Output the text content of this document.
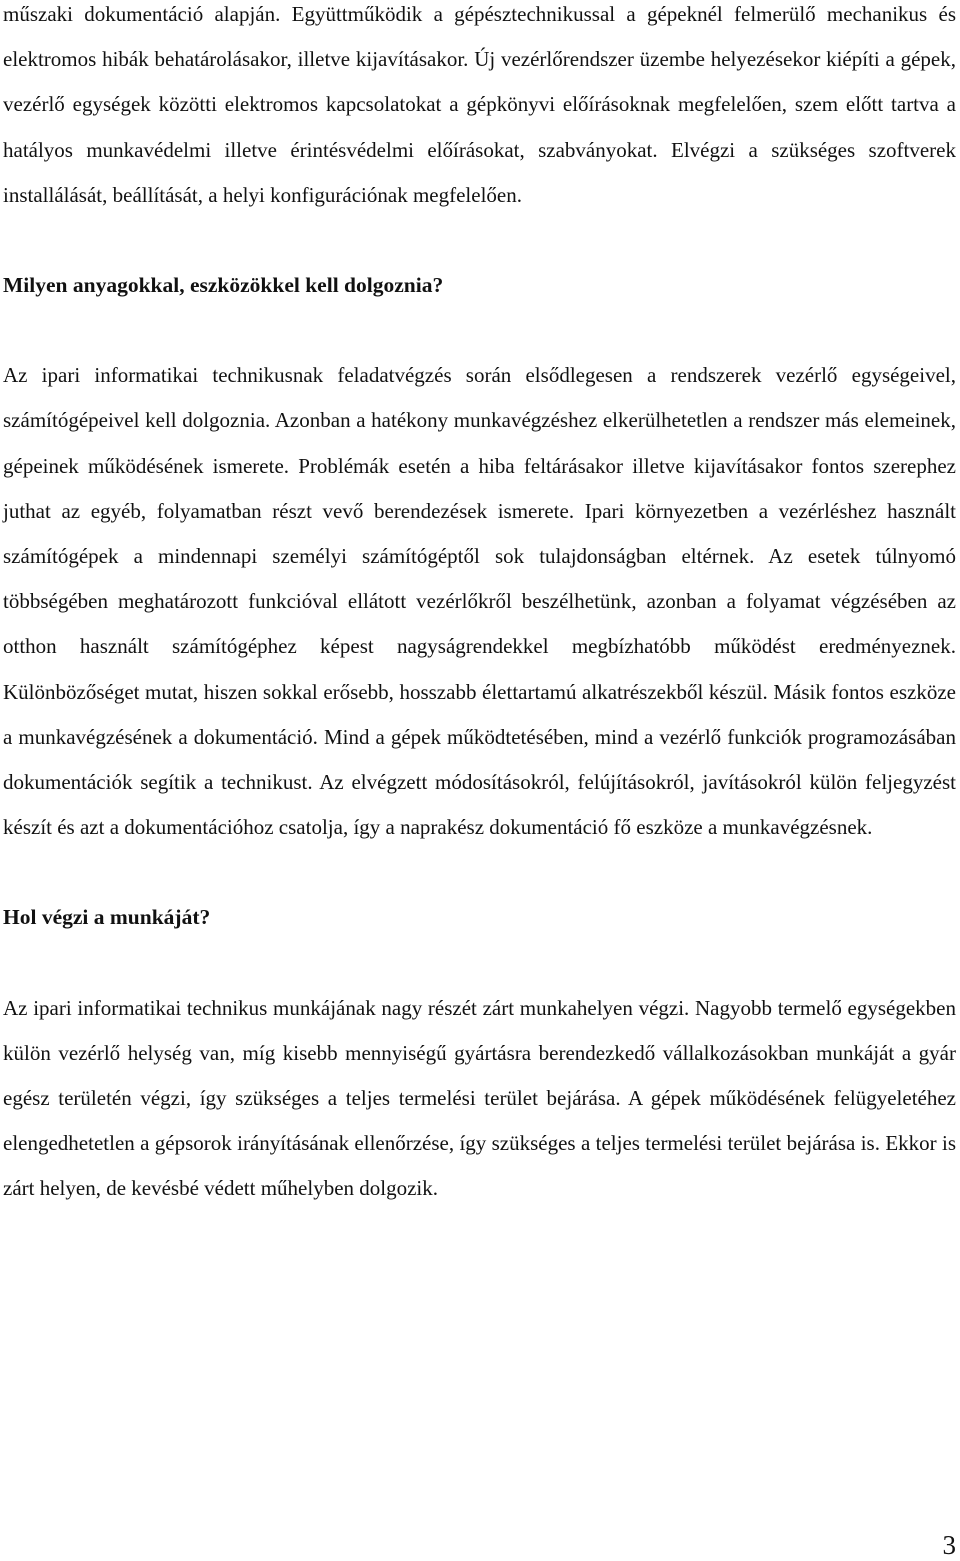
műszaki dokumentáció alapján. Együttműködik a gépésztechnikussal a gépeknél felmerülő mechanikus és elektromos hibák behatárolásakor, illetve kijavításakor. Új vezérlőrendszer üzembe helyezésekor kiépíti a gépek, vezérlő egységek közötti elektromos kapcsolatokat a gépkönyvi előírásoknak megfelelően, szem előtt tartva a hatályos munkavédelmi illetve érintésvédelmi előírásokat, szabványokat. Elvégzi a szükséges szoftverek installálását, beállítását, a helyi konfigurációnak megfelelően.

Milyen anyagokkal, eszközökkel kell dolgoznia?

Az ipari informatikai technikusnak feladatvégzés során elsődlegesen a rendszerek vezérlő egységeivel, számítógépeivel kell dolgoznia. Azonban a hatékony munkavégzéshez elkerülhetetlen a rendszer más elemeinek, gépeinek működésének ismerete. Problémák esetén a hiba feltárásakor illetve kijavításakor fontos szerephez juthat az egyéb, folyamatban részt vevő berendezések ismerete. Ipari környezetben a vezérléshez használt számítógépek a mindennapi személyi számítógéptől sok tulajdonságban eltérnek. Az esetek túlnyomó többségében meghatározott funkcióval ellátott vezérlőkről beszélhetünk, azonban a folyamat végzésében az otthon használt számítógéphez képest nagyságrendekkel megbízhatóbb működést eredményeznek. Különbözőséget mutat, hiszen sokkal erősebb, hosszabb élettartamú alkatrészekből készül. Másik fontos eszköze a munkavégzésének a dokumentáció. Mind a gépek működtetésében, mind a vezérlő funkciók programozásában dokumentációk segítik a technikust. Az elvégzett módosításokról, felújításokról, javításokról külön feljegyzést készít és azt a dokumentációhoz csatolja, így a naprakész dokumentáció fő eszköze a munkavégzésnek.

Hol végzi a munkáját?

Az ipari informatikai technikus munkájának nagy részét zárt munkahelyen végzi. Nagyobb termelő egységekben külön vezérlő helység van, míg kisebb mennyiségű gyártásra berendezkedő vállalkozásokban munkáját a gyár egész területén végzi, így szükséges a teljes termelési terület bejárása. A gépek működésének felügyeletéhez elengedhetetlen a gépsorok irányításának ellenőrzése, így szükséges a teljes termelési terület bejárása is. Ekkor is zárt helyen, de kevésbé védett műhelyben dolgozik.

3
